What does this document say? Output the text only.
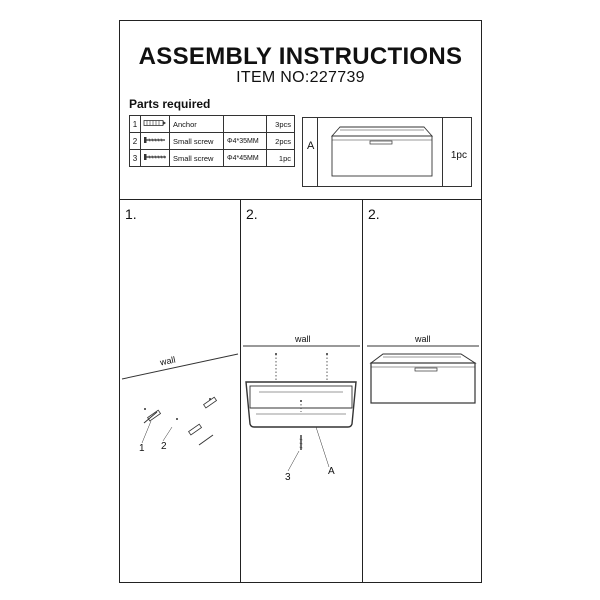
ASSEMBLY INSTRUCTIONS
ITEM NO:227739
Parts required
1		Anchor		3pcs
2		Small screw	Φ4*35MM	2pcs
3		Small screw	Φ4*45MM	1pc
A
1pc
1.
wall
1 2
2.
wall
3
A
2.
wall
